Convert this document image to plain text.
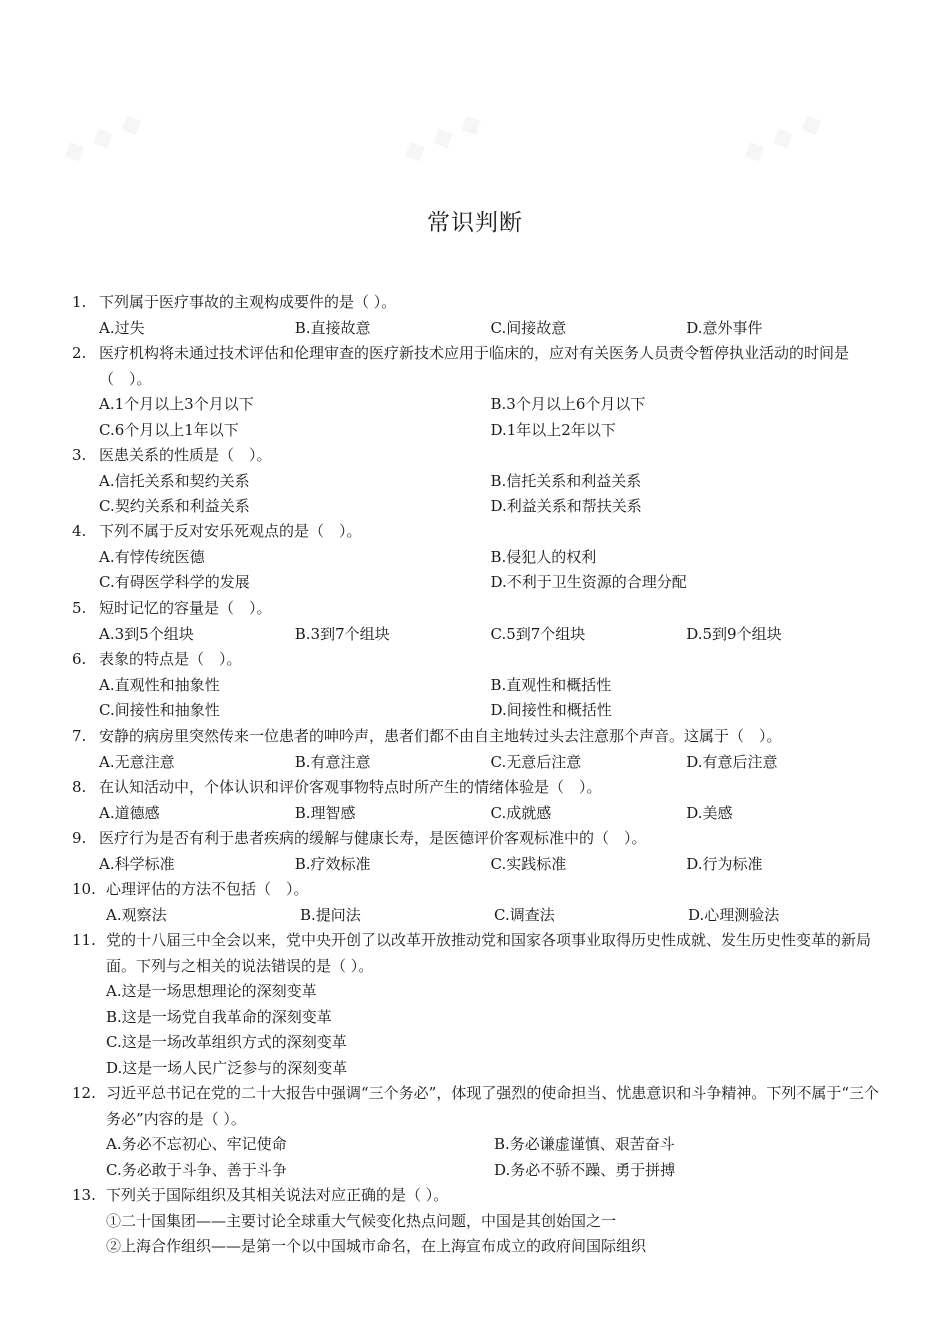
常识判断
1. 下列属于医疗事故的主观构成要件的是（ ）。
A.过失	B.直接故意	C.间接故意	D.意外事件
2. 医疗机构将未通过技术评估和伦理审查的医疗新技术应用于临床的，应对有关医务人员责令暂停执业活动的时间是（　）。
A.1个月以上3个月以下	B.3个月以上6个月以下
C.6个月以上1年以下	D.1年以上2年以下
3. 医患关系的性质是（　）。
A.信托关系和契约关系	B.信托关系和利益关系
C.契约关系和利益关系	D.利益关系和帮扶关系
4. 下列不属于反对安乐死观点的是（　）。
A.有悖传统医德	B.侵犯人的权利
C.有碍医学科学的发展	D.不利于卫生资源的合理分配
5. 短时记忆的容量是（　）。
A.3到5个组块	B.3到7个组块	C.5到7个组块	D.5到9个组块
6. 表象的特点是（　）。
A.直观性和抽象性	B.直观性和概括性
C.间接性和抽象性	D.间接性和概括性
7. 安静的病房里突然传来一位患者的呻吟声，患者们都不由自主地转过头去注意那个声音。这属于（　）。
A.无意注意	B.有意注意	C.无意后注意	D.有意后注意
8. 在认知活动中，个体认识和评价客观事物特点时所产生的情绪体验是（　）。
A.道德感	B.理智感	C.成就感	D.美感
9. 医疗行为是否有利于患者疾病的缓解与健康长寿，是医德评价客观标准中的（　）。
A.科学标准	B.疗效标准	C.实践标准	D.行为标准
10. 心理评估的方法不包括（　）。
A.观察法	B.提问法	C.调查法	D.心理测验法
11. 党的十八届三中全会以来，党中央开创了以改革开放推动党和国家各项事业取得历史性成就、发生历史性变革的新局面。下列与之相关的说法错误的是（ ）。
A.这是一场思想理论的深刻变革
B.这是一场党自我革命的深刻变革
C.这是一场改革组织方式的深刻变革
D.这是一场人民广泛参与的深刻变革
12. 习近平总书记在党的二十大报告中强调“三个务必”，体现了强烈的使命担当、忧患意识和斗争精神。下列不属于“三个务必”内容的是（ ）。
A.务必不忘初心、牢记使命	B.务必谦虚谨慎、艰苦奋斗
C.务必敢于斗争、善于斗争	D.务必不骄不躁、勇于拼搏
13. 下列关于国际组织及其相关说法对应正确的是（ ）。
①二十国集团——主要讨论全球重大气候变化热点问题，中国是其创始国之一
②上海合作组织——是第一个以中国城市命名，在上海宣布成立的政府间国际组织
